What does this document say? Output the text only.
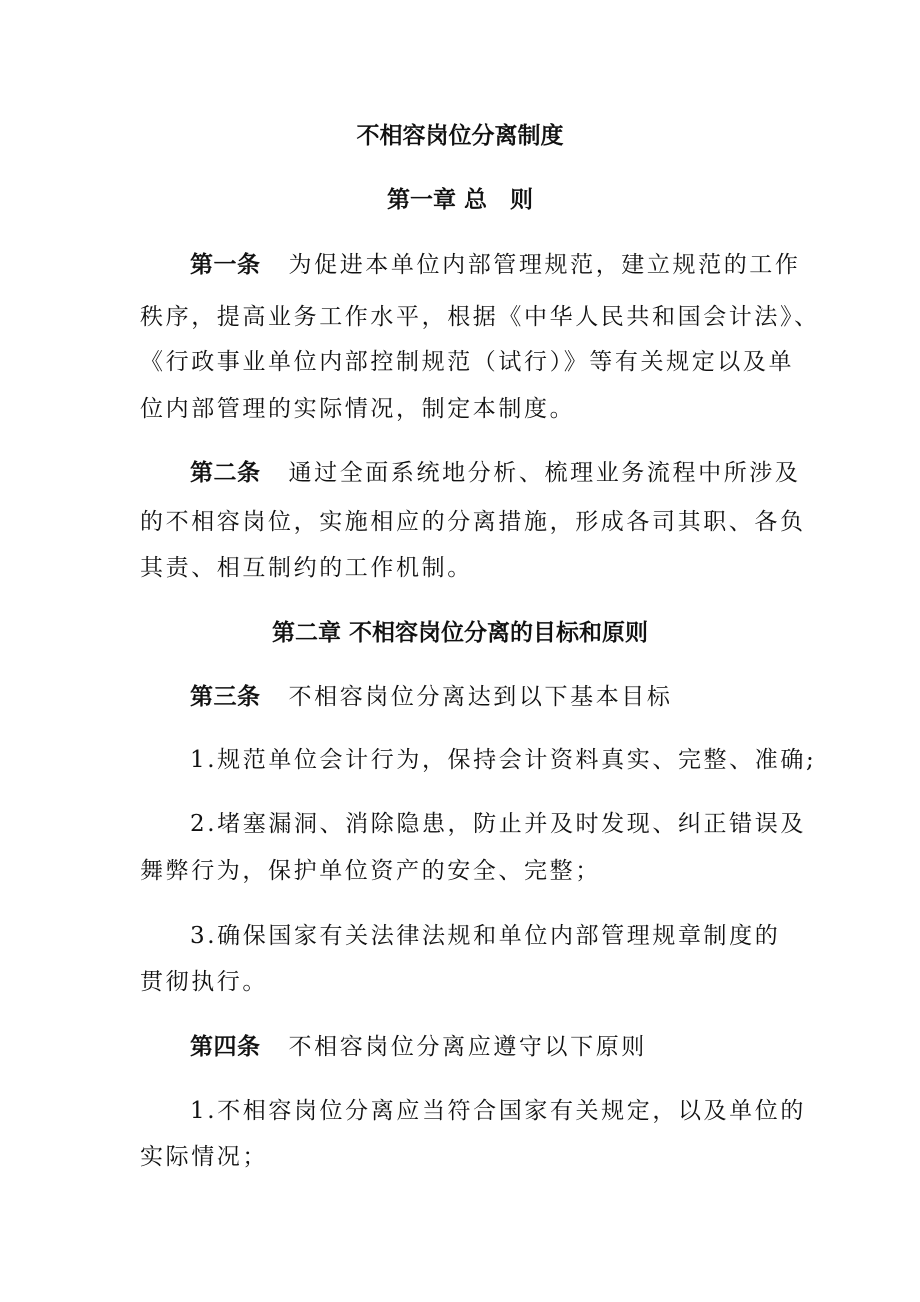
不相容岗位分离制度
第一章 总　则
第一条 为促进本单位内部管理规范，建立规范的工作
秩序，提高业务工作水平，根据《中华人民共和国会计法》、
《行政事业单位内部控制规范（试行）》等有关规定以及单
位内部管理的实际情况，制定本制度。
第二条 通过全面系统地分析、梳理业务流程中所涉及
的不相容岗位，实施相应的分离措施，形成各司其职、各负
其责、相互制约的工作机制。
第二章 不相容岗位分离的目标和原则
第三条 不相容岗位分离达到以下基本目标
1.规范单位会计行为，保持会计资料真实、完整、准确;
2.堵塞漏洞、消除隐患，防止并及时发现、纠正错误及
舞弊行为，保护单位资产的安全、完整；
3.确保国家有关法律法规和单位内部管理规章制度的
贯彻执行。
第四条 不相容岗位分离应遵守以下原则
1.不相容岗位分离应当符合国家有关规定，以及单位的
实际情况；
